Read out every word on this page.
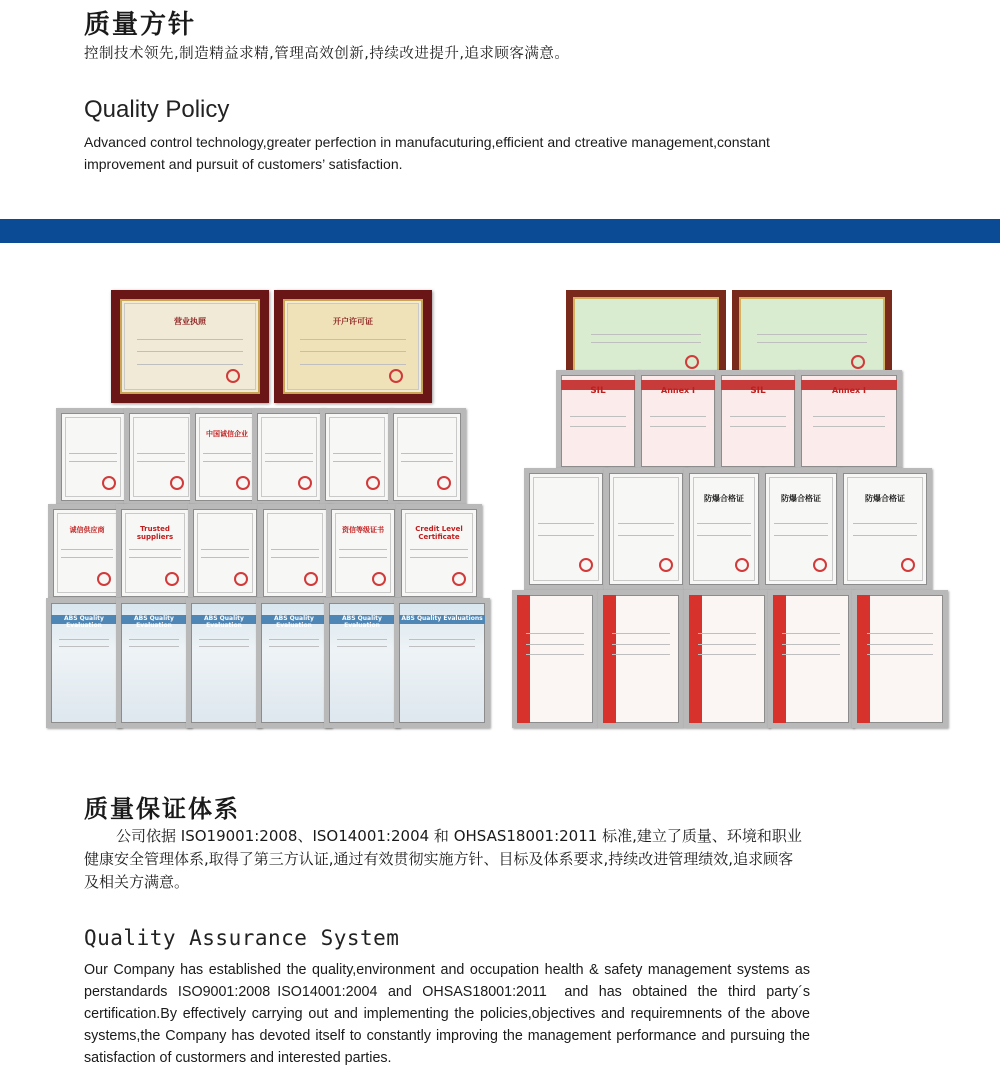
质量方针
控制技术领先,制造精益求精,管理高效创新,持续改进提升,追求顾客满意。
Quality Policy
Advanced control technology,greater perfection in manufacuturing,efficient and ctreative management,constant improvement and pursuit of customers’ satisfaction.
营业执照	开户许可证
中国诚信企业
诚信供应商	Trusted suppliers
资信等级证书	Credit Level Certificate
ABS Quality Evaluation
ABS Quality Evaluation
ABS Quality Evaluation
ABS Quality Evaluation
ABS Quality Evaluation
ABS Quality Evaluations
SIL	Annex I	SIL	Annex I
防爆合格证	防爆合格证	防爆合格证
质量保证体系
公司依据 ISO19001:2008、ISO14001:2004 和 OHSAS18001:2011 标准,建立了质量、环境和职业健康安全管理体系,取得了第三方认证,通过有效贯彻实施方针、目标及体系要求,持续改进管理绩效,追求顾客及相关方满意。
Quality Assurance System
Our Company has established the quality,environment and occupation health & safety management systems as perstandards ISO9001:2008 ISO14001:2004 and OHSAS18001:2011  and has obtained the third party´s certification.By effectively carrying out and implementing the policies,objectives and requiremnents of the above systems,the Company has devoted itself to constantly improving the management performance and pursuing the satisfaction of custormers and interested parties.
